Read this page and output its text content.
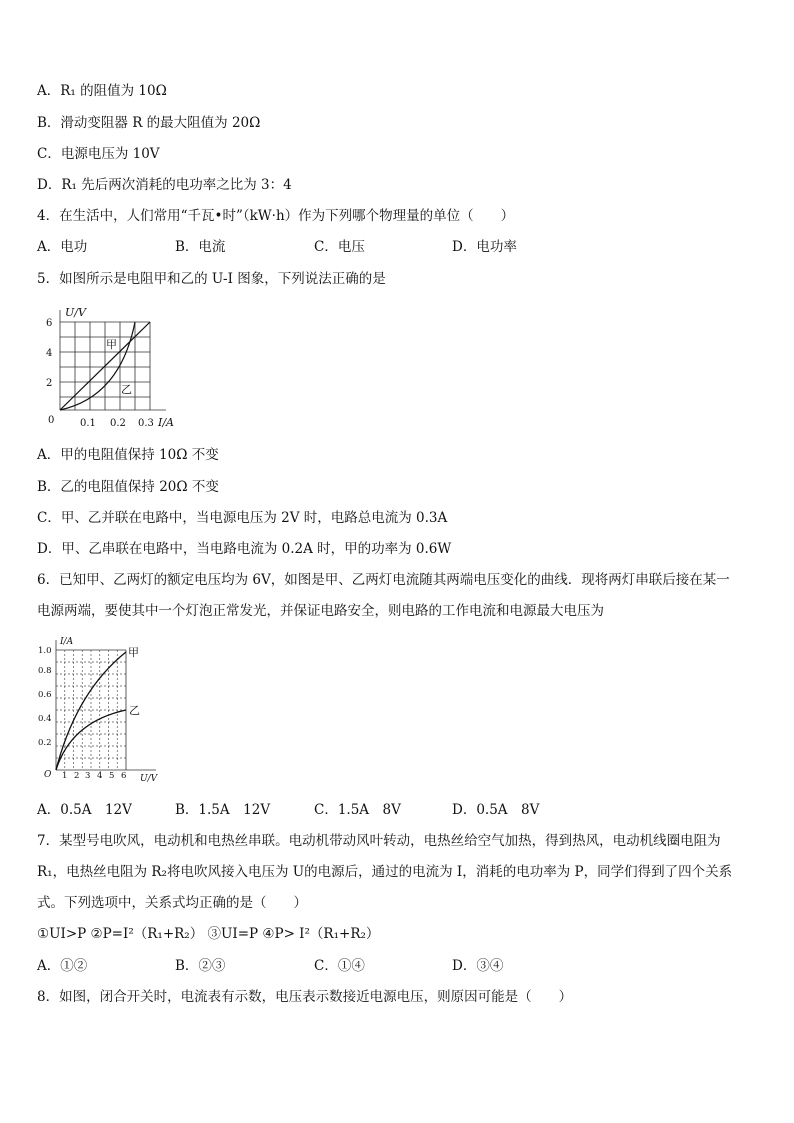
A．R₁ 的阻值为 10Ω
B．滑动变阻器 R 的最大阻值为 20Ω
C．电源电压为 10V
D．R₁ 先后两次消耗的电功率之比为 3：4
4．在生活中，人们常用“千瓦•时”（kW·h）作为下列哪个物理量的单位（　　）
A．电功	B．电流	C．电压	D．电功率
5．如图所示是电阻甲和乙的 U-I 图象，下列说法正确的是
U/V
I/A
0
2
4
6
0.1 0.2 0.3
甲
乙
A．甲的电阻值保持 10Ω 不变
B．乙的电阻值保持 20Ω 不变
C．甲、乙并联在电路中，当电源电压为 2V 时，电路总电流为 0.3A
D．甲、乙串联在电路中，当电路电流为 0.2A 时，甲的功率为 0.6W
6．已知甲、乙两灯的额定电压均为 6V，如图是甲、乙两灯电流随其两端电压变化的曲线．现将两灯串联后接在某一
电源两端，要使其中一个灯泡正常发光，并保证电路安全，则电路的工作电流和电源最大电压为
I/A
U/V
O
0.2
0.4
0.6
0.8
1.0
1 2 3 4 5 6
甲
乙
A．0.5A　12V	B．1.5A　12V	C．1.5A　8V	D．0.5A　8V
7．某型号电吹风，电动机和电热丝串联。电动机带动风叶转动，电热丝给空气加热，得到热风，电动机线圈电阻为
R₁，电热丝电阻为 R₂将电吹风接入电压为 U的电源后，通过的电流为 I，消耗的电功率为 P，同学们得到了四个关系
式。下列选项中，关系式均正确的是（　　）
①UI>P ②P=I²（R₁+R₂） ③UI=P ④P> I²（R₁+R₂）
A．①②	B．②③	C．①④	D．③④
8．如图，闭合开关时，电流表有示数，电压表示数接近电源电压，则原因可能是（　　）
